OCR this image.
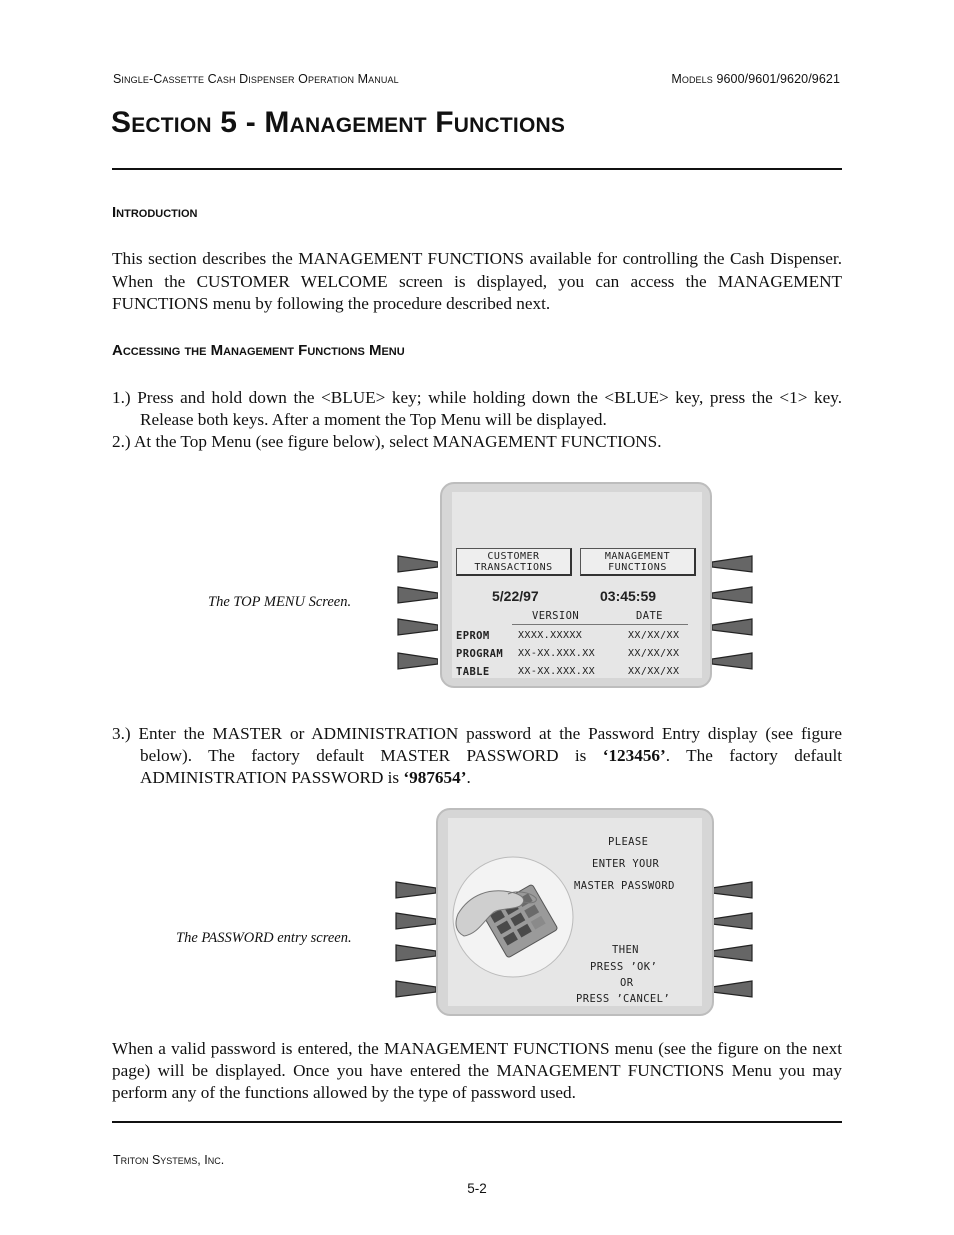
Single-Cassette Cash Dispenser Operation Manual	Models 9600/9601/9620/9621
Section 5 - Management Functions
Introduction
This section describes the MANAGEMENT FUNCTIONS available for controlling the Cash Dispenser. When the CUSTOMER WELCOME screen is displayed, you can access the MANAGEMENT FUNCTIONS menu by following the procedure described next.
Accessing the Management Functions Menu
1.) Press and hold down the <BLUE> key; while holding down the <BLUE> key, press the <1> key. Release both keys. After a moment the Top Menu will be displayed.
2.) At the Top Menu (see figure below), select MANAGEMENT FUNCTIONS.
The TOP MENU Screen.
CUSTOMER
TRANSACTIONS
MANAGEMENT
FUNCTIONS
5/22/97	03:45:59
VERSION	DATE
EPROM	XXXX.XXXXX	XX/XX/XX
PROGRAM XX-XX.XXX.XX	XX/XX/XX
TABLE	XX-XX.XXX.XX	XX/XX/XX
3.) Enter the MASTER or ADMINISTRATION password at the Password Entry display (see figure below). The factory default MASTER PASSWORD is ‘123456’. The factory default ADMINISTRATION PASSWORD is ‘987654’.
The PASSWORD entry screen.
PLEASE
ENTER YOUR
MASTER PASSWORD
THEN
PRESS ’OK’
OR
PRESS ’CANCEL’
When a valid password is entered, the MANAGEMENT FUNCTIONS menu (see the figure on the next page) will be displayed. Once you have entered the MANAGEMENT FUNCTIONS Menu you may perform any of the functions allowed by the type of password used.
Triton Systems, Inc.
5-2
